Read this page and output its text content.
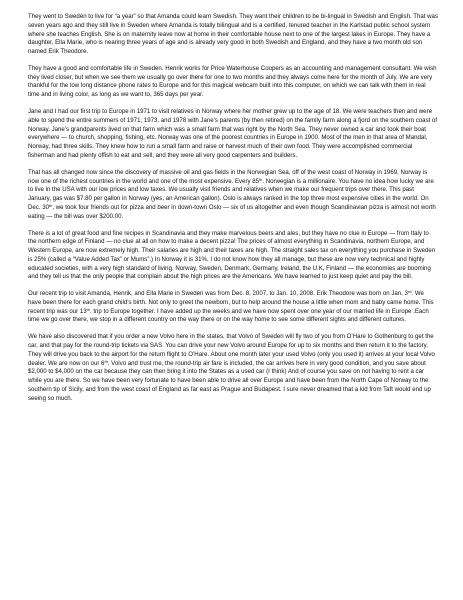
They went to Sweden to live for “a year” so that Amanda could learn Swedish. They want their children to be bi-lingual in Swedish and English. That was seven years ago and they still live in Sweden where Amanda is totally bilingual and is a certified, tenured teacher in the Karlstad public school system where she teaches English. She is on maternity leave now at home in their comfortable house next to one of the largest lakes in Europe. They have a daughter, Ella Marie, who is nearing three years of age and is already very good in both Swedish and England, and they have a two month old son named Erik Theodore.

They have a good and comfortable life in Sweden. Henrik works for Price Waterhouse Coopers as an accounting and management consultant. We wish they lived closer, but when we see them we usually go over there for one to two months and they always come here for the month of July. We are very thankful for the low long distance phone rates to Europe and for this magical webcam built into this computer, on which we can talk with them in real time and in living color, as long as we want to, 365 days per year.

Jane and I had our first trip to Europe in 1971 to visit relatives in Norway where her mother grew up to the age of 18. We were teachers then and were able to spend the entire summers of 1971, 1973, and 1978 with Jane’s parents (by then retired) on the family farm along a fjord on the southern coast of Norway. Jane’s grandparents lived on that farm which was a small farm that was right by the North Sea. They never owned a car and took their boat everywhere — to church, shopping, fishing, etc. Norway was one of the poorest countries in Europe in 1900. Most of the men in that area of Mandal, Norway, had three skills. They knew how to run a small farm and raise or harvest much of their own food. They were accomplished commercial fisherman and had plenty offish to eat and sell, and they were all very good carpenters and builders.

That has all changed now since the discovery of massive oil and gas fields in the Norwegian Sea, off of the west coast of Norway in 1969. Norway is now one of the richest countries in the world and one of the most expensive. Every 85th. Norwegian is a millionaire. You have no idea how lucky we are to live in the USA with our low prices and low taxes. We usually visit friends and relatives when we make our frequent trips over there. This past January, gas was $7.80 per gallon in Norway (yes, an American gallon). Oslo is always ranked in the top three most expensive cities in the world. On Dec. 30th, we took four friends out for pizza and beer in down-town Oslo — six of us altogether and even though Scandinavian pizza is almost not worth eating — the bill was over $200.00.

There is a lot of great food and fine recipes in Scandinavia and they make marvelous beers and ales, but they have no clue in Europe — from Italy to the northern edge of Finland — no clue at all on how to make a decent pizza! The prices of almost everything in Scandinavia, northern Europe, and Western Europe, are now extremely high. Their salaries are high and their taxes are high. The straight sales tax on everything you purchase in Sweden is 25% (called a “Value Added Tax” or Mums”.) In Norway it is 31%. I do not know how they all manage, but these are now very technical and highly educated societies, with a very high standard of living. Norway, Sweden, Denmark, Germany, Ireland, the U.K, Finland — the economies are booming and they tell us that the only people that complain about the high prices are the Americans. We have learned to just keep quiet and pay the bill.

Our recent trip to visit Amanda, Henrik, and Ella Marie in Sweden was from Dec. 8, 2007, to Jan. 10, 2008. Erik Theodore was born on Jan. 3rd. We have been there for each grand child’s birth. Not only to greet the newborn, but to help around the house a little when mom and baby came home. This recent trip was our 13th. trip to Europe together. I have added up the weeks and we have now spent over one year of our married life in Europe .Each time we go over there, we stop in a different country on the way there or on the way home to see some different sights and different cultures.

We have also discovered that if you order a new Volvo here in the states, that Volvo of Sweden will fly two of you from O’Hare to Gothenburg to get the car, and that pay for the round-trip tickets via SAS. You can drive your new Volvo around Europe for up to six months and then return it to the factory. They will drive you back to the airport for the return flight to O’Hare. About one month later your used Volvo (only you used it) arrives at your local Volvo dealer. We are now on our 6th. Volvo and trust me, the round-trip air fare is included, the car arrives here in very good condition, and you save about $2,000 to $4,000 on the car because they can then bring it into the States as a used car (I think) And of course you save on not having to rent a car while you are there. So we have been very fortunate to have been able to drive all over Europe and have been from the North Cape of Norway to the southern tip of Sicily, and from the west coast of England as far east as Prague and Budapest. I sure never dreamed that a kid from Taft would end up seeing so much.
